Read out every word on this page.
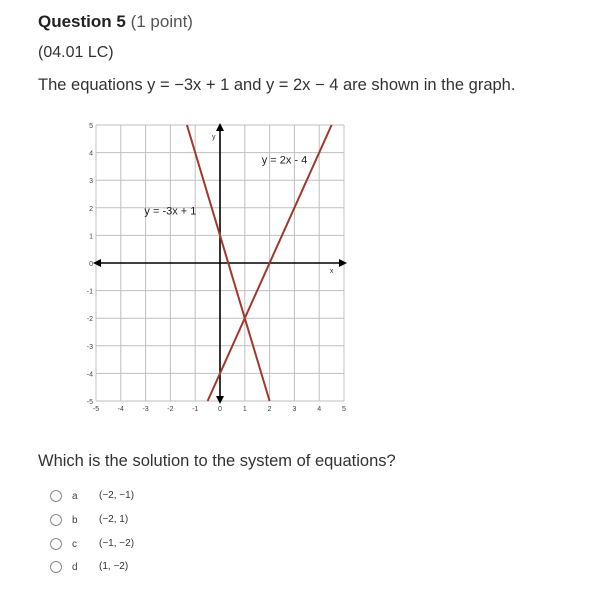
Question 5 (1 point)
(04.01 LC)
The equations y = −3x + 1 and y = 2x − 4 are shown in the graph.
x
y
-5	-4	-3	-2	-1	0	1	2	3	4	5
-5
-4
-3
-2
-1
0
1
2
3
4
5
y = -3x + 1
y = 2x - 4
Which is the solution to the system of equations?
a (−2, −1)
b (−2, 1)
c (−1, −2)
d (1, −2)
